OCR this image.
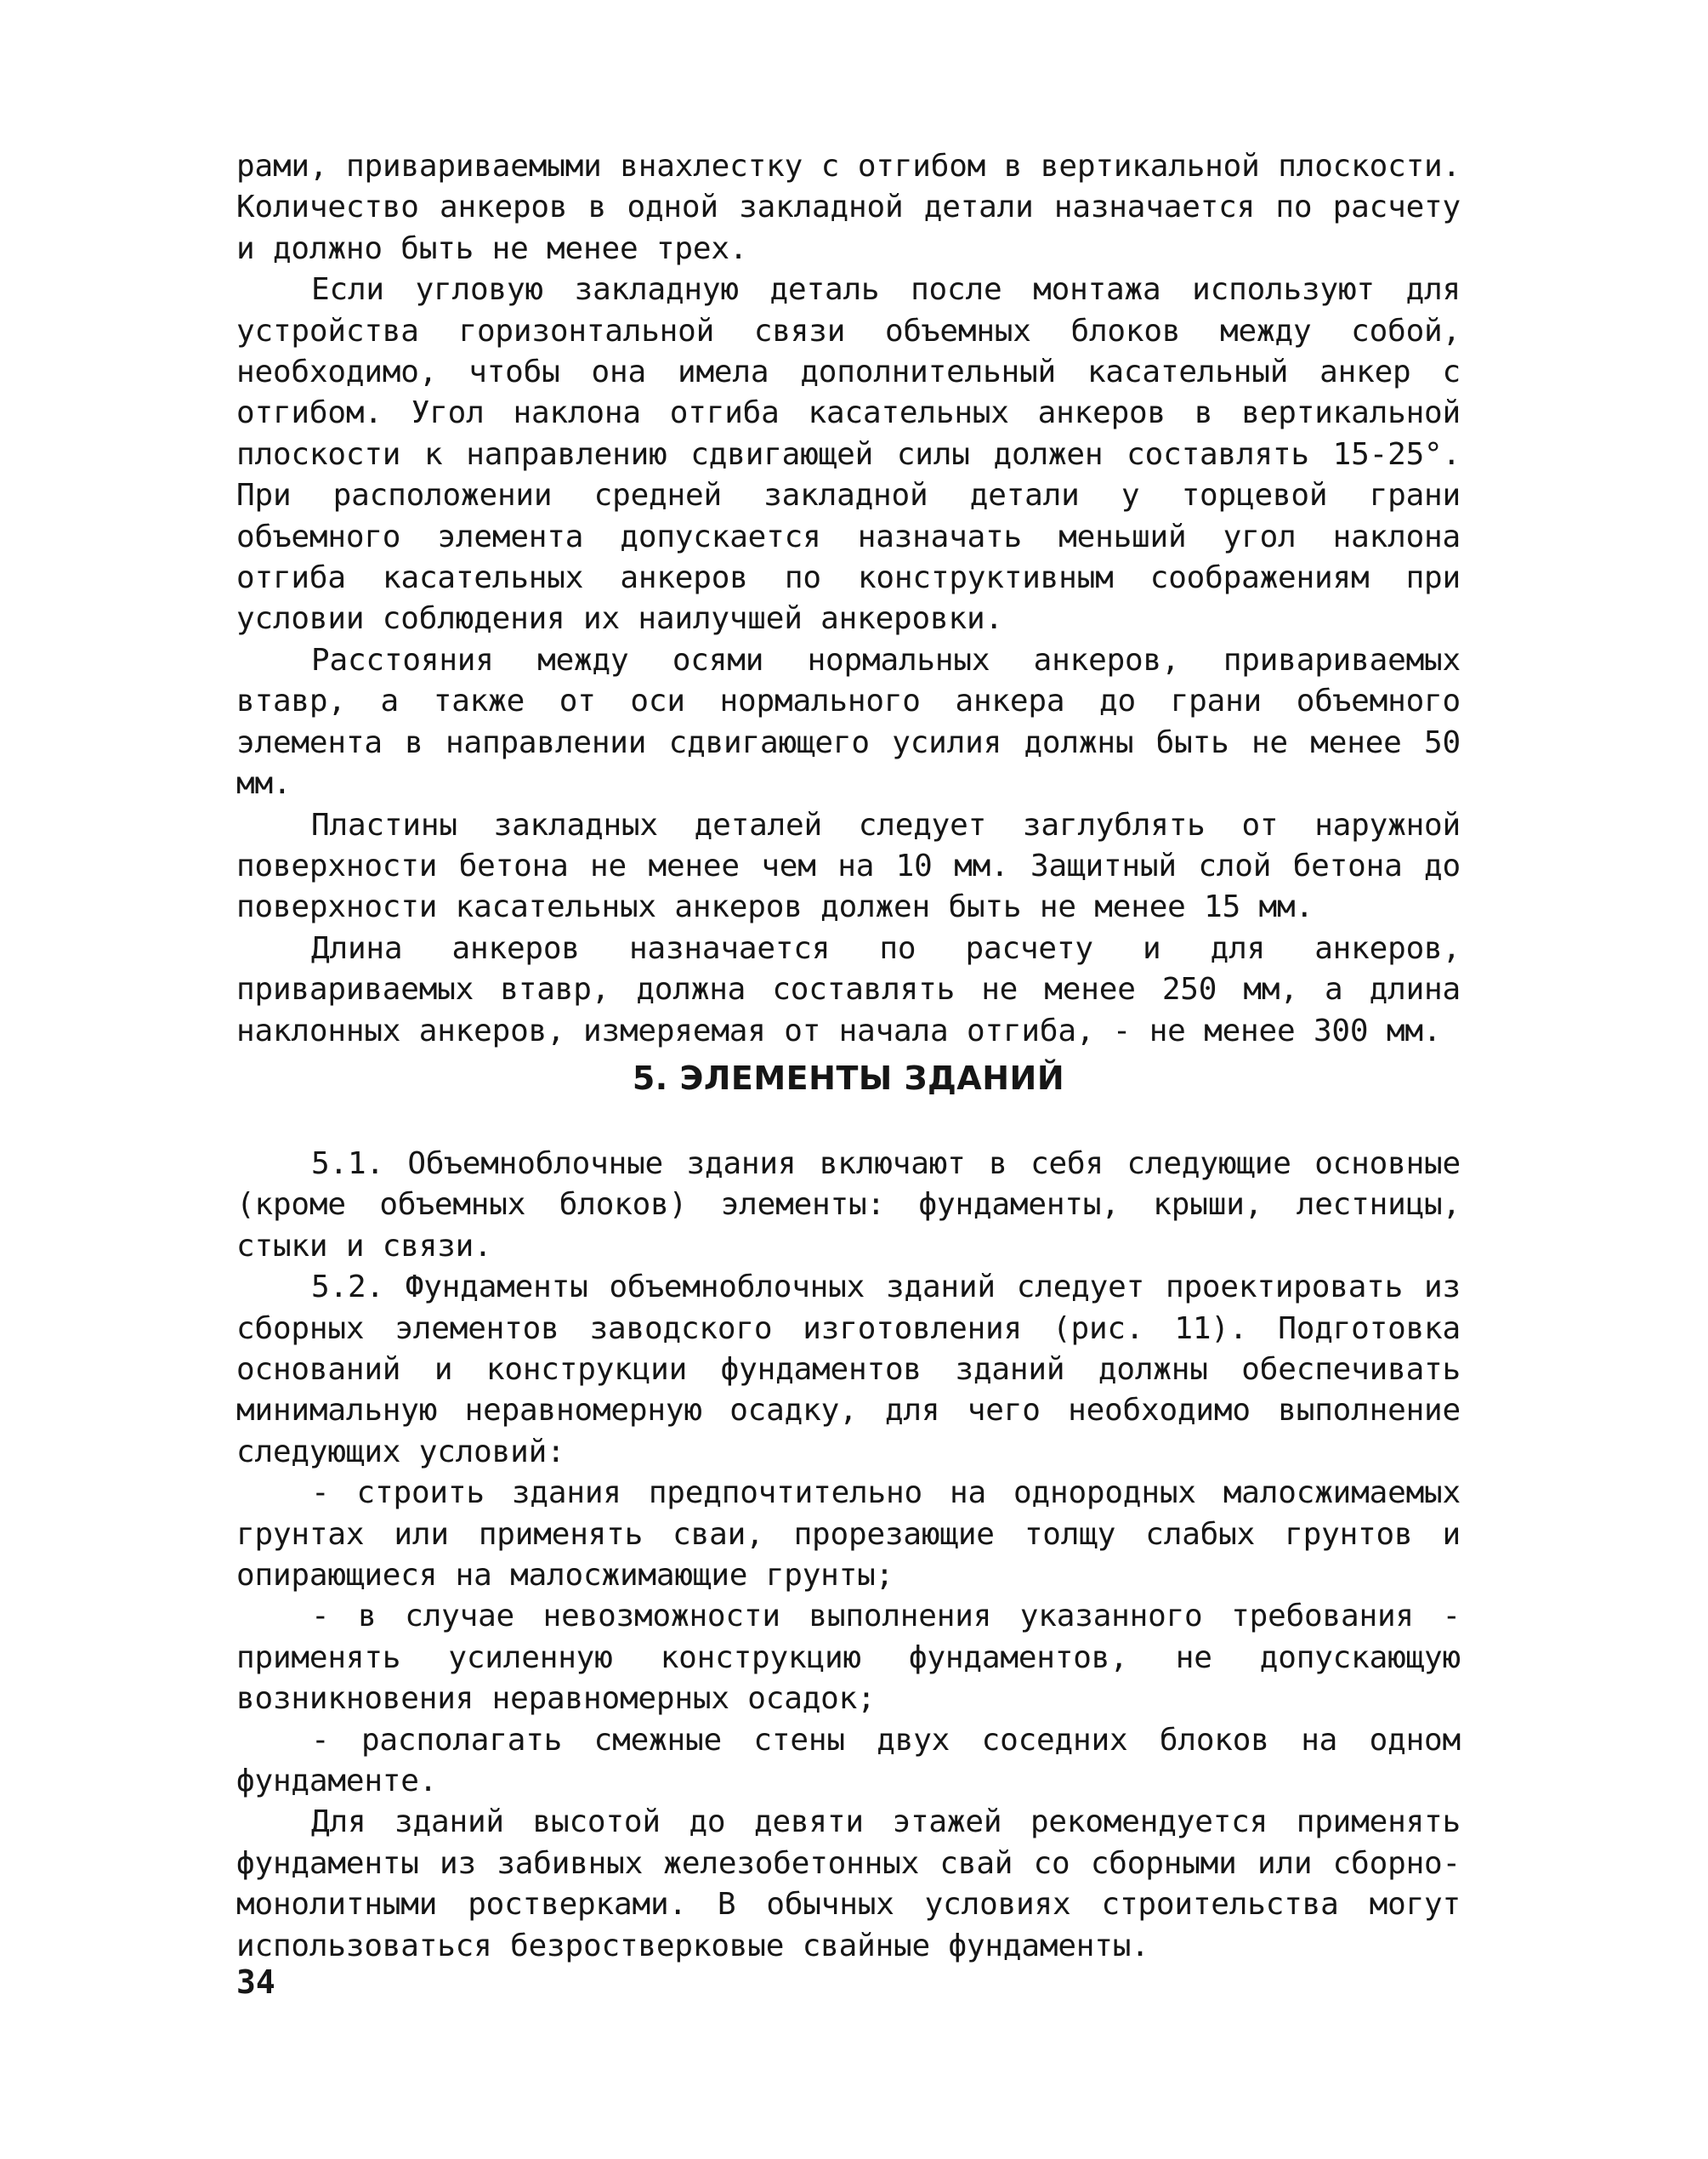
рами, привариваемыми внахлестку с отгибом в вертикальной плоскости. Количество анкеров в одной закладной детали назначается по расчету и должно быть не менее трех.

Если угловую закладную деталь после монтажа используют для устройства горизонтальной связи объемных блоков между собой, необходимо, чтобы она имела дополнительный касательный анкер с отгибом. Угол наклона отгиба касательных анкеров в вертикальной плоскости к направлению сдвигающей силы должен составлять 15-25°. При расположении средней закладной детали у торцевой грани объемного элемента допускается назначать меньший угол наклона отгиба касательных анкеров по конструктивным соображениям при условии соблюдения их наилучшей анкеровки.

Расстояния между осями нормальных анкеров, привариваемых втавр, а также от оси нормального анкера до грани объемного элемента в направлении сдвигающего усилия должны быть не менее 50 мм.

Пластины закладных деталей следует заглублять от наружной поверхности бетона не менее чем на 10 мм. Защитный слой бетона до поверхности касательных анкеров должен быть не менее 15 мм.

Длина анкеров назначается по расчету и для анкеров, привариваемых втавр, должна составлять не менее 250 мм, а длина наклонных анкеров, измеряемая от начала отгиба, - не менее 300 мм.

5. ЭЛЕМЕНТЫ ЗДАНИЙ

5.1. Объемноблочные здания включают в себя следующие основные (кроме объемных блоков) элементы: фундаменты, крыши, лестницы, стыки и связи.

5.2. Фундаменты объемноблочных зданий следует проектировать из сборных элементов заводского изготовления (рис. 11). Подготовка оснований и конструкции фундаментов зданий должны обеспечивать минимальную неравномерную осадку, для чего необходимо выполнение следующих условий:

- строить здания предпочтительно на однородных малосжимаемых грунтах или применять сваи, прорезающие толщу слабых грунтов и опирающиеся на малосжимающие грунты;

- в случае невозможности выполнения указанного требования - применять усиленную конструкцию фундаментов, не допускающую возникновения неравномерных осадок;

- располагать смежные стены двух соседних блоков на одном фундаменте.

Для зданий высотой до девяти этажей рекомендуется применять фундаменты из забивных железобетонных свай со сборными или сборно-монолитными ростверками. В обычных условиях строительства могут использоваться безростверковые свайные фундаменты.

34
